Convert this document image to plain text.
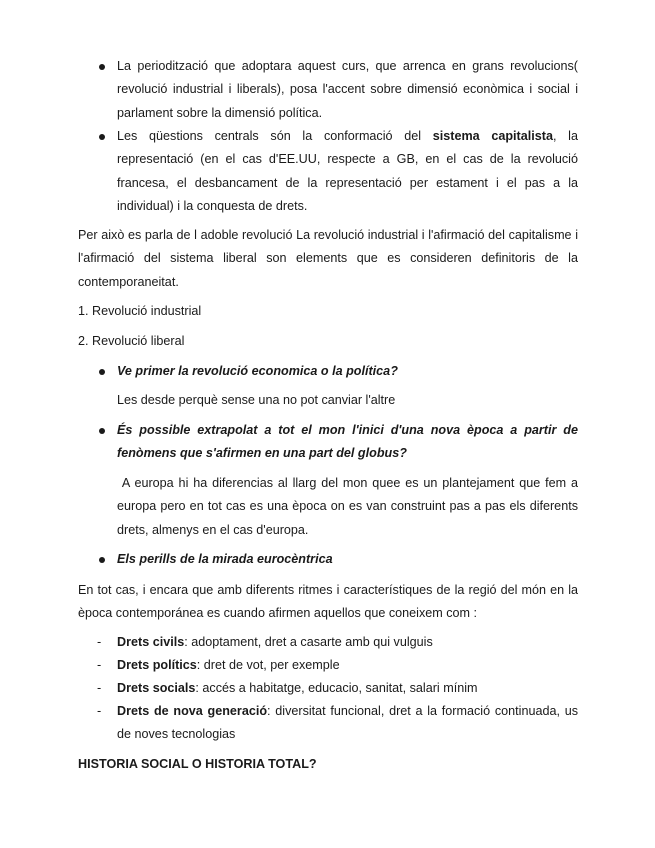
La periodització que adoptara aquest curs, que arrenca en grans revolucions( revolució industrial i liberals), posa l'accent sobre dimensió econòmica i social i parlament sobre la dimensió política.
Les qüestions centrals són la conformació del sistema capitalista, la representació (en el cas d'EE.UU, respecte a GB, en el cas de la revolució francesa, el desbancament de la representació per estament i el pas a la individual) i la conquesta de drets.
Per això es parla de l adoble revolució La revolució industrial i l'afirmació del capitalisme i l'afirmació del sistema liberal son elements que es consideren definitoris de la contemporaneitat.
1. Revolució industrial
2. Revolució liberal
Ve primer la revolució economica o la política?
Les desde perquè sense una no pot canviar l'altre
És possible extrapolat a tot el mon l'inici d'una nova època a partir de fenòmens que s'afirmen en una part del globus?
A europa hi ha diferencias al llarg del mon quee es un plantejament que fem a europa pero en tot cas es una època on es van construint pas a pas els diferents drets, almenys en el cas d'europa.
Els perills de la mirada eurocèntrica
En tot cas, i encara que amb diferents ritmes i característiques de la regió del món en la època contemporánea es cuando afirmen aquellos que coneixem com :
- Drets civils: adoptament, dret a casarte amb qui vulguis
- Drets polítics: dret de vot, per exemple
- Drets socials: accés a habitatge, educacio, sanitat, salari mínim
- Drets de nova generació: diversitat funcional, dret a la formació continuada, us de noves tecnologias
HISTORIA SOCIAL O HISTORIA TOTAL?
